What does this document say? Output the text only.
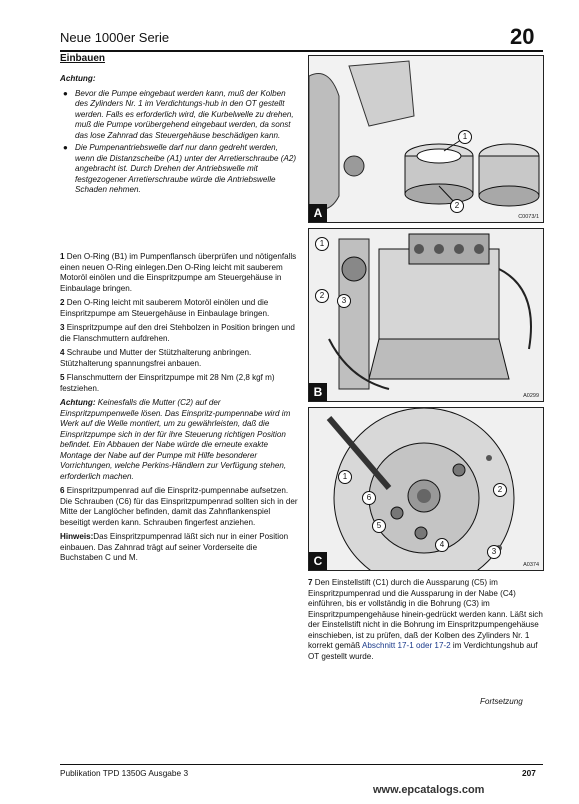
Neue 1000er Serie	20
Einbauen

Achtung:

● Bevor die Pumpe eingebaut werden kann, muß der Kolben des Zylinders Nr. 1 im Verdichtungs-hub in den OT gestellt werden. Falls es erforderlich wird, die Kurbelwelle zu drehen, muß die Pumpe vorübergehend eingebaut werden, da sonst das lose Zahnrad das Steuergehäuse beschädigen kann.
● Die Pumpenantriebswelle darf nur dann gedreht werden, wenn die Distanzscheibe (A1) unter der Arretierschraube (A2) angebracht ist. Durch Drehen der Antriebswelle mit festgezogener Arretierschraube würde die Antriebswelle Schaden nehmen.

1 Den O-Ring (B1) im Pumpenflansch überprüfen und nötigenfalls einen neuen O-Ring einlegen.Den O-Ring leicht mit sauberem Motoröl einölen und die Einspritzpumpe am Steuergehäuse in Einbaulage bringen.

2 Den O-Ring leicht mit sauberem Motoröl einölen und die Einspritzpumpe am Steuergehäuse in Einbaulage bringen.

3 Einspritzpumpe auf den drei Stehbolzen in Position bringen und die Flanschmuttern aufdrehen.

4 Schraube und Mutter der Stützhalterung anbringen. Stützhalterung spannungsfrei anbauen.

5 Flanschmuttern der Einspritzpumpe mit 28 Nm (2,8 kgf m) festziehen.

Achtung: Keinesfalls die Mutter (C2) auf der Einspritzpumpenwelle lösen. Das Einspritz-pumpennabe wird im Werk auf die Welle montiert, um zu gewährleisten, daß die Einspritzpumpe sich in der für ihre Steuerung richtigen Position befindet. Ein Abbauen der Nabe würde die erneute exakte Montage der Nabe auf der Pumpe mit Hilfe besonderer Vorrichtungen, welche Perkins-Händlern zur Verfügung stehen, erforderlich machen.

6 Einspritzpumpenrad auf die Einspritz-pumpennabe aufsetzen. Die Schrauben (C6) für das Einspritzpumpenrad sollten sich in der Mitte der Langlöcher befinden, damit das Zahnflankenspiel beseitigt werden kann. Schrauben fingerfest anziehen.

Hinweis:Das Einspritzpumpenrad läßt sich nur in einer Position einbauen. Das Zahnrad trägt auf seiner Vorderseite die Buchstaben C und M.

1
2
A	C0073/1
1
2
3
B	A0299
1
2
3
4
5
6
C	A0374

7 Den Einstellstift (C1) durch die Aussparung (C5) im Einspritzpumpenrad und die Aussparung in der Nabe (C4) einführen, bis er vollständig in die Bohrung (C3) im Einspritzpumpengehäuse hinein-gedrückt werden kann. Läßt sich der Einstellstift nicht in die Bohrung im Einspritzpumpengehäuse einschieben, ist zu prüfen, daß der Kolben des Zylinders Nr. 1 korrekt gemäß Abschnitt 17-1 oder 17-2 im Verdichtungshub auf OT gestellt wurde.

Fortsetzung
Publikation TPD 1350G Ausgabe 3	207
www.epcatalogs.com
